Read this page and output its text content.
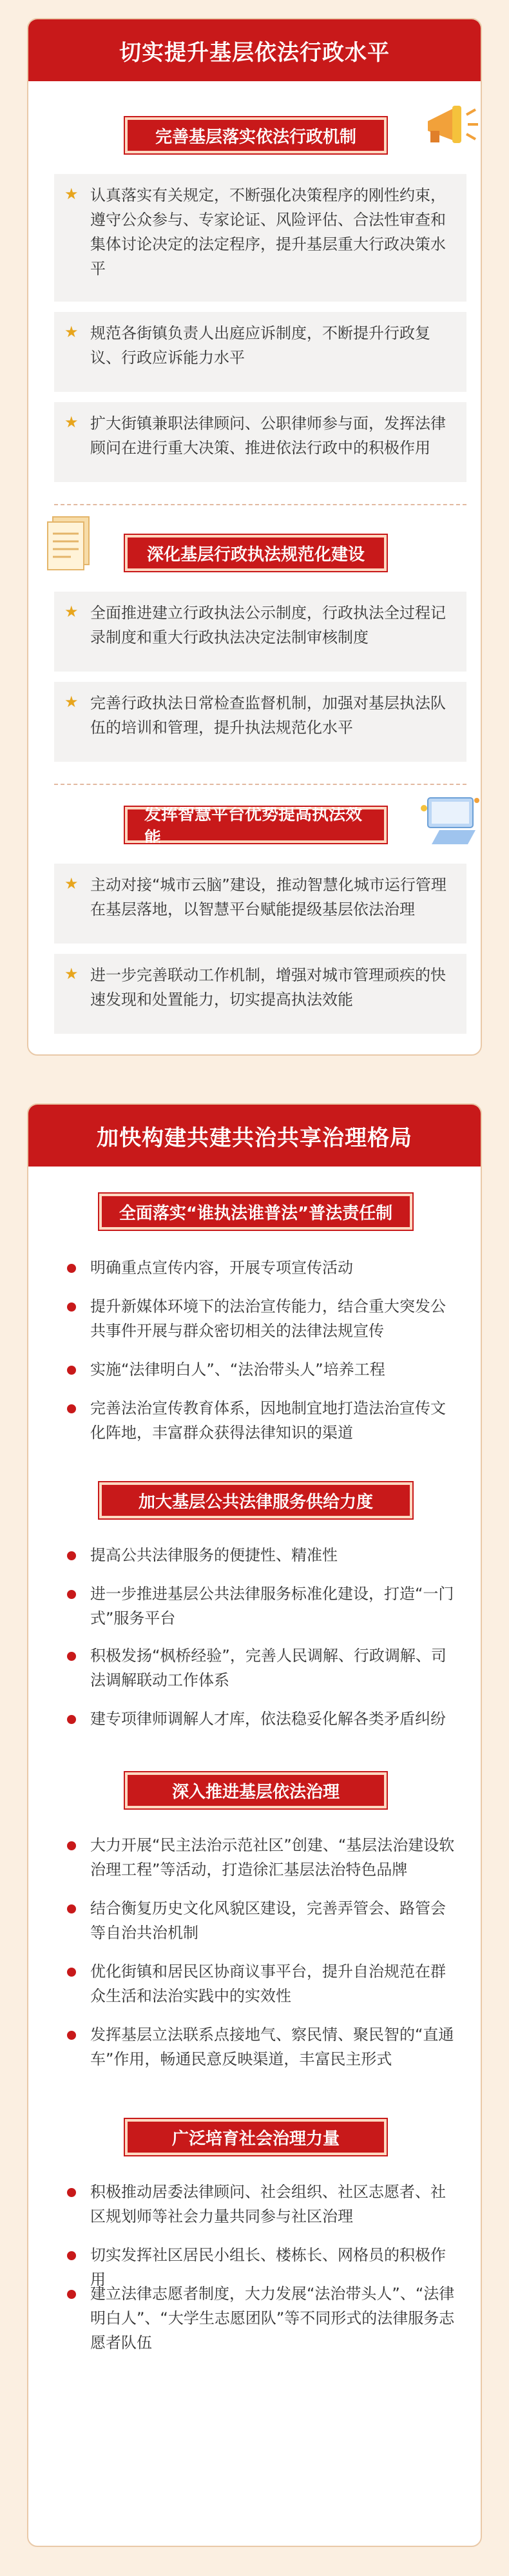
切实提升基层依法行政水平
完善基层落实依法行政机制
★ 认真落实有关规定，不断强化决策程序的刚性约束，遵守公众参与、专家论证、风险评估、合法性审查和集体讨论决定的法定程序，提升基层重大行政决策水平
★ 规范各街镇负责人出庭应诉制度，不断提升行政复议、行政应诉能力水平
★ 扩大街镇兼职法律顾问、公职律师参与面，发挥法律顾问在进行重大决策、推进依法行政中的积极作用
深化基层行政执法规范化建设
★ 全面推进建立行政执法公示制度，行政执法全过程记录制度和重大行政执法决定法制审核制度
★ 完善行政执法日常检查监督机制，加强对基层执法队伍的培训和管理，提升执法规范化水平
发挥智慧平台优势提高执法效能
★ 主动对接“城市云脑”建设，推动智慧化城市运行管理在基层落地，以智慧平台赋能提级基层依法治理
★ 进一步完善联动工作机制，增强对城市管理顽疾的快速发现和处置能力，切实提高执法效能
加快构建共建共治共享治理格局
全面落实“谁执法谁普法”普法责任制
明确重点宣传内容，开展专项宣传活动
提升新媒体环境下的法治宣传能力，结合重大突发公共事件开展与群众密切相关的法律法规宣传
实施“法律明白人”、“法治带头人”培养工程
完善法治宣传教育体系，因地制宜地打造法治宣传文化阵地，丰富群众获得法律知识的渠道
加大基层公共法律服务供给力度
提高公共法律服务的便捷性、精准性
进一步推进基层公共法律服务标准化建设，打造“一门式”服务平台
积极发扬“枫桥经验”，完善人民调解、行政调解、司法调解联动工作体系
建专项律师调解人才库，依法稳妥化解各类矛盾纠纷
深入推进基层依法治理
大力开展“民主法治示范社区”创建、“基层法治建设软治理工程”等活动，打造徐汇基层法治特色品牌
结合衡复历史文化风貌区建设，完善弄管会、路管会等自治共治机制
优化街镇和居民区协商议事平台，提升自治规范在群众生活和法治实践中的实效性
发挥基层立法联系点接地气、察民情、聚民智的“直通车”作用，畅通民意反映渠道，丰富民主形式
广泛培育社会治理力量
积极推动居委法律顾问、社会组织、社区志愿者、社区规划师等社会力量共同参与社区治理
切实发挥社区居民小组长、楼栋长、网格员的积极作用
建立法律志愿者制度，大力发展“法治带头人”、“法律明白人”、“大学生志愿团队”等不同形式的法律服务志愿者队伍
